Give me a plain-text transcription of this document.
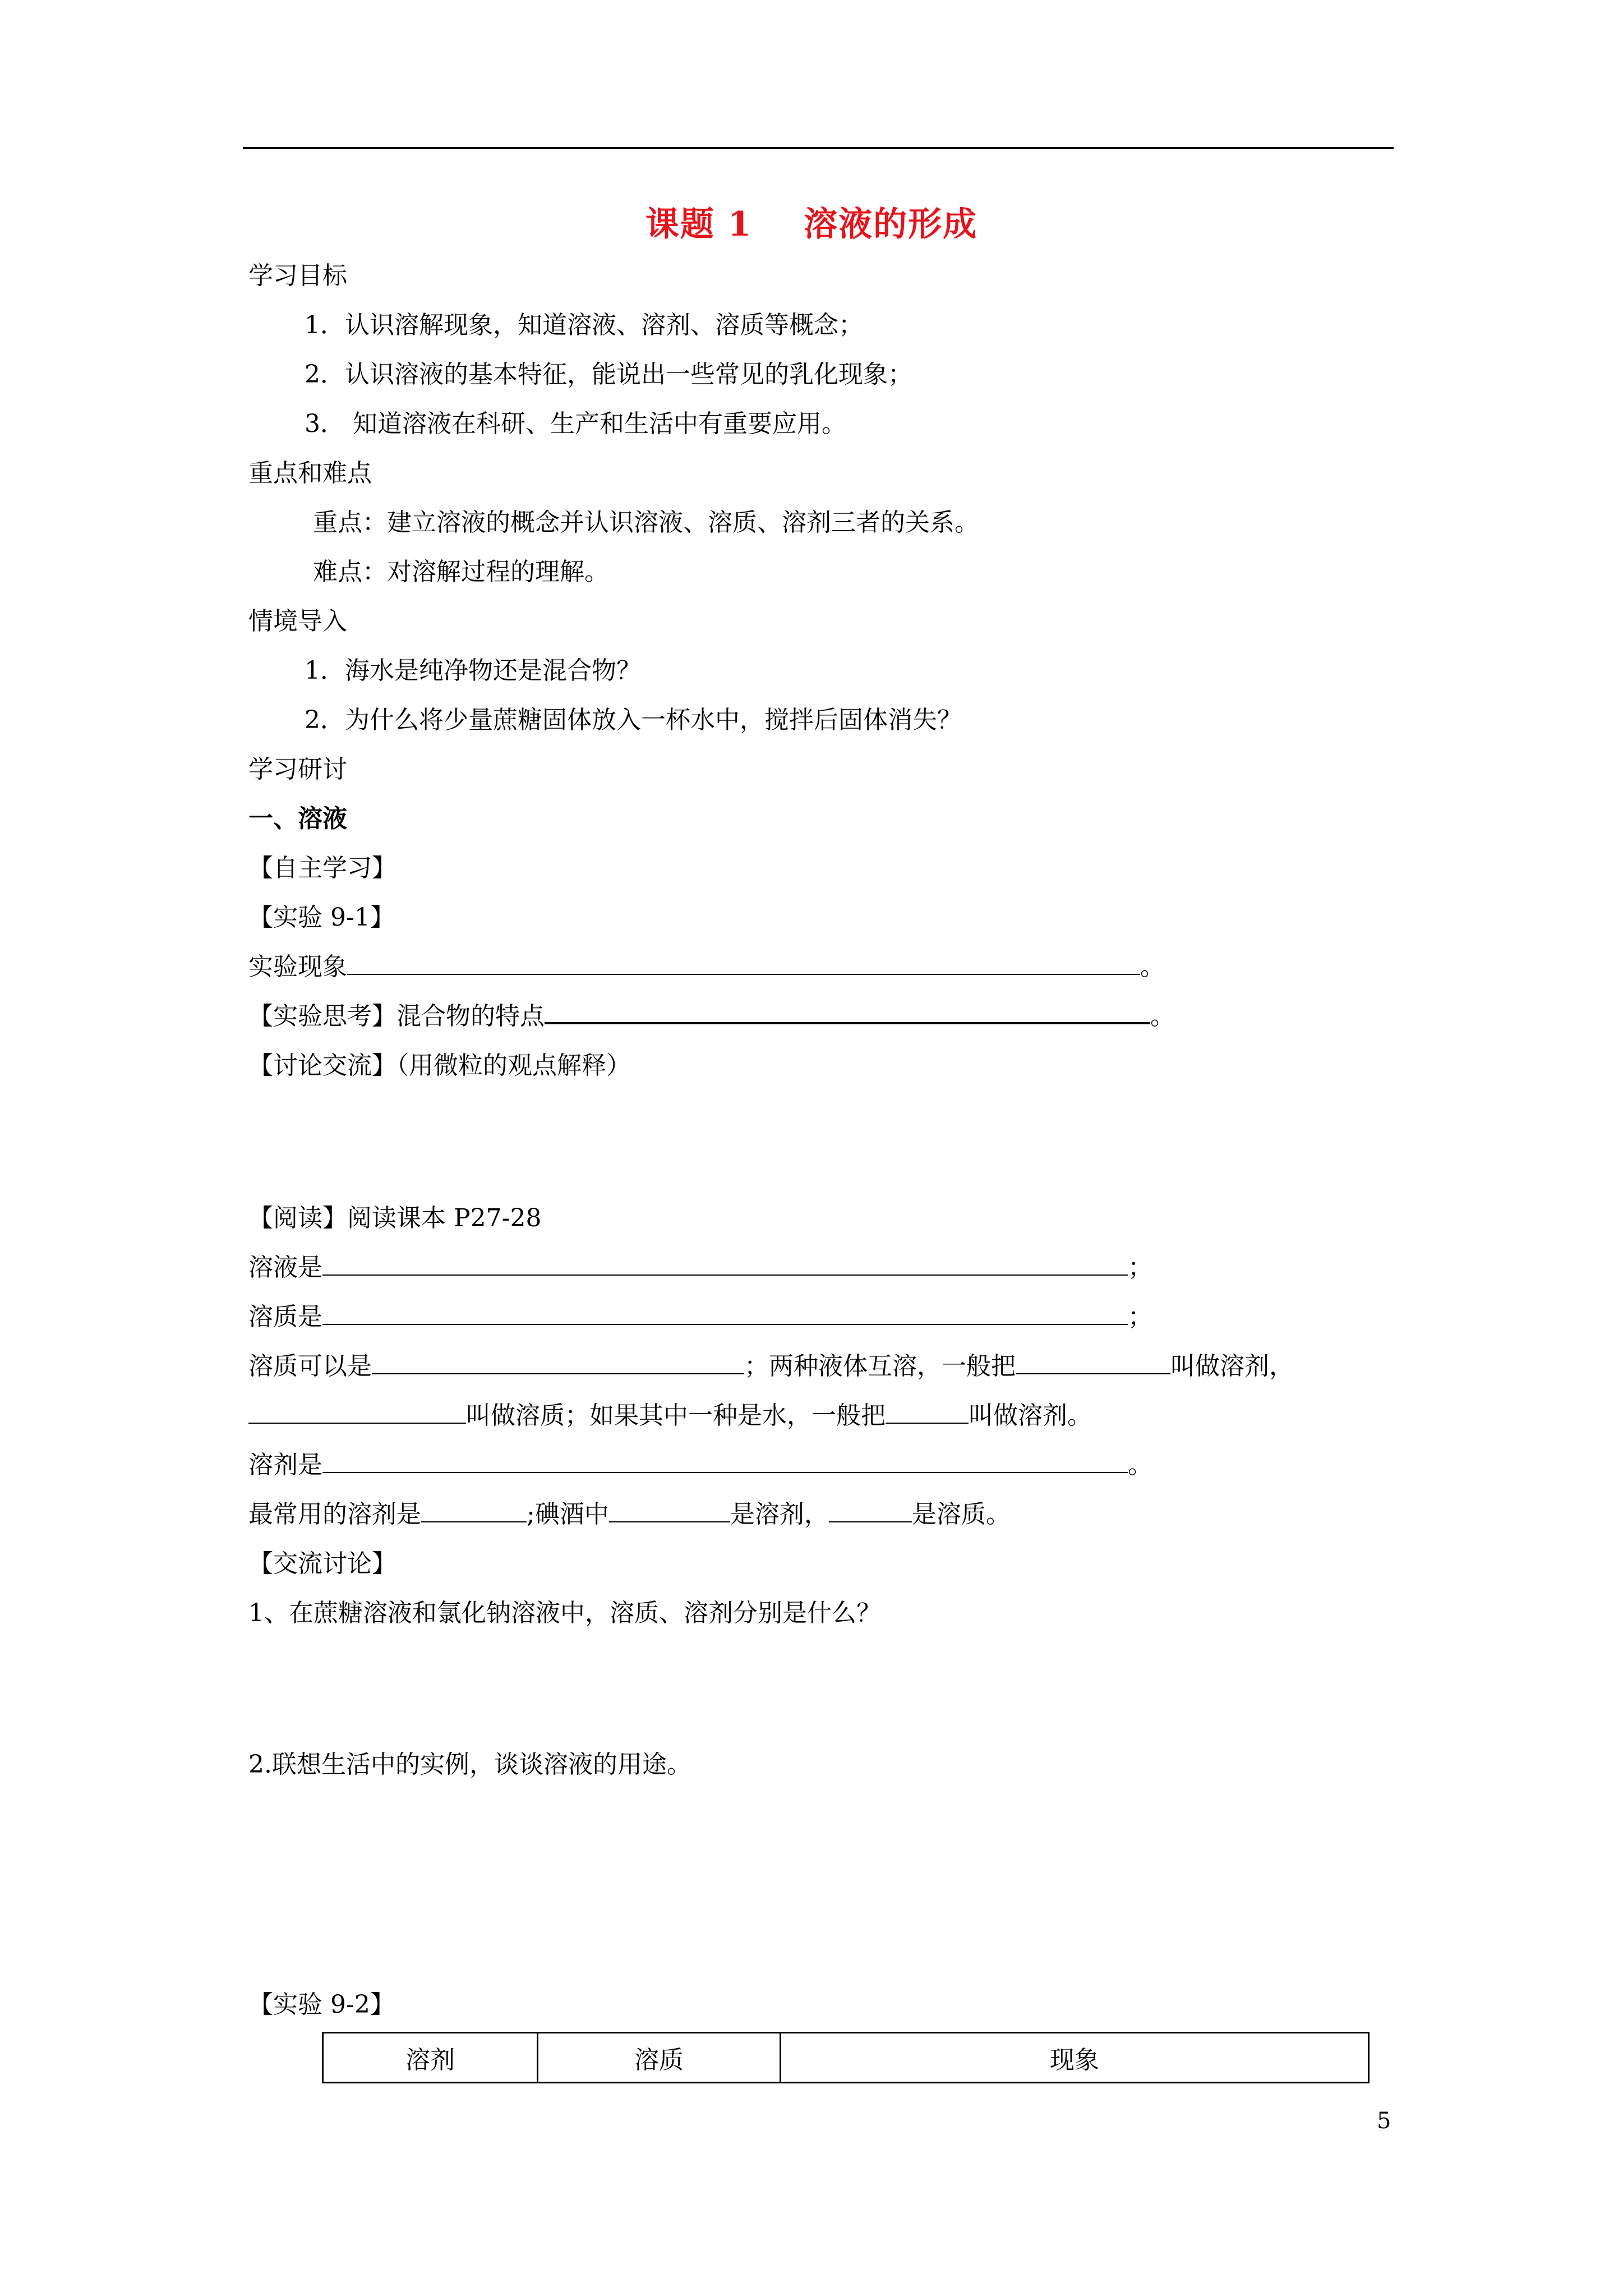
课题 1 溶液的形成
学习目标
1．认识溶解现象，知道溶液、溶剂、溶质等概念；
2．认识溶液的基本特征，能说出一些常见的乳化现象；
3． 知道溶液在科研、生产和生活中有重要应用。
重点和难点
重点：建立溶液的概念并认识溶液、溶质、溶剂三者的关系。
难点：对溶解过程的理解。
情境导入
1．海水是纯净物还是混合物？
2．为什么将少量蔗糖固体放入一杯水中，搅拌后固体消失？
学习研讨
一、溶液
【自主学习】
【实验 9-1】
实验现象	。
【实验思考】混合物的特点	。
【讨论交流】（用微粒的观点解释）
【阅读】阅读课本 P27-28
溶液是	；
溶质是	；
溶质可以是	；两种液体互溶，一般把	叫做溶剂，
叫做溶质；如果其中一种是水，一般把	叫做溶剂。
溶剂是	。
最常用的溶剂是	;碘酒中	是溶剂，	是溶质。
【交流讨论】
1、在蔗糖溶液和氯化钠溶液中，溶质、溶剂分别是什么？
2.联想生活中的实例，谈谈溶液的用途。
【实验 9-2】
溶剂	溶质	现象
5
